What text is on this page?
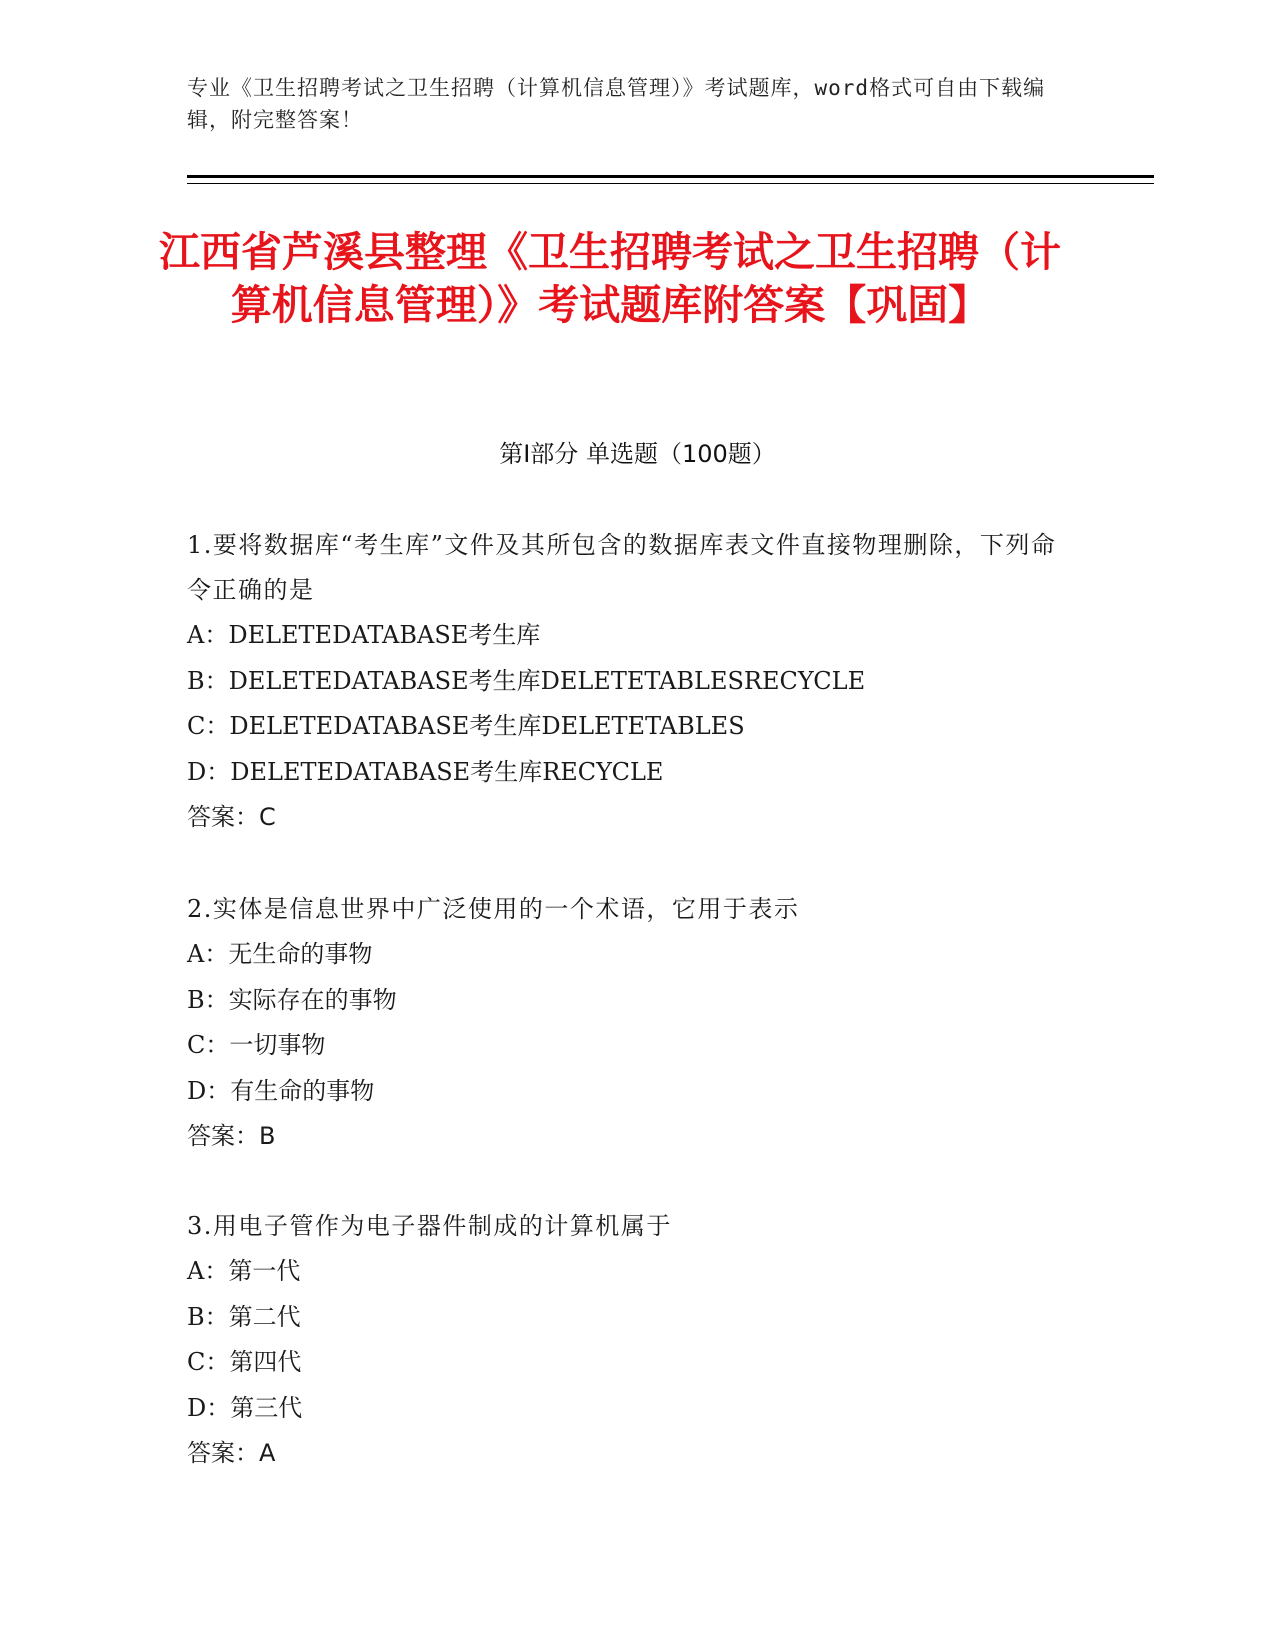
专业《卫生招聘考试之卫生招聘（计算机信息管理）》考试题库，word格式可自由下载编辑，附完整答案！
江西省芦溪县整理《卫生招聘考试之卫生招聘（计算机信息管理）》考试题库附答案【巩固】
第I部分 单选题（100题）
1.要将数据库“考生库”文件及其所包含的数据库表文件直接物理删除，下列命令正确的是
A：DELETEDATABASE考生库
B：DELETEDATABASE考生库DELETETABLESRECYCLE
C：DELETEDATABASE考生库DELETETABLES
D：DELETEDATABASE考生库RECYCLE
答案：C
2.实体是信息世界中广泛使用的一个术语，它用于表示
A：无生命的事物
B：实际存在的事物
C：一切事物
D：有生命的事物
答案：B
3.用电子管作为电子器件制成的计算机属于
A：第一代
B：第二代
C：第四代
D：第三代
答案：A
